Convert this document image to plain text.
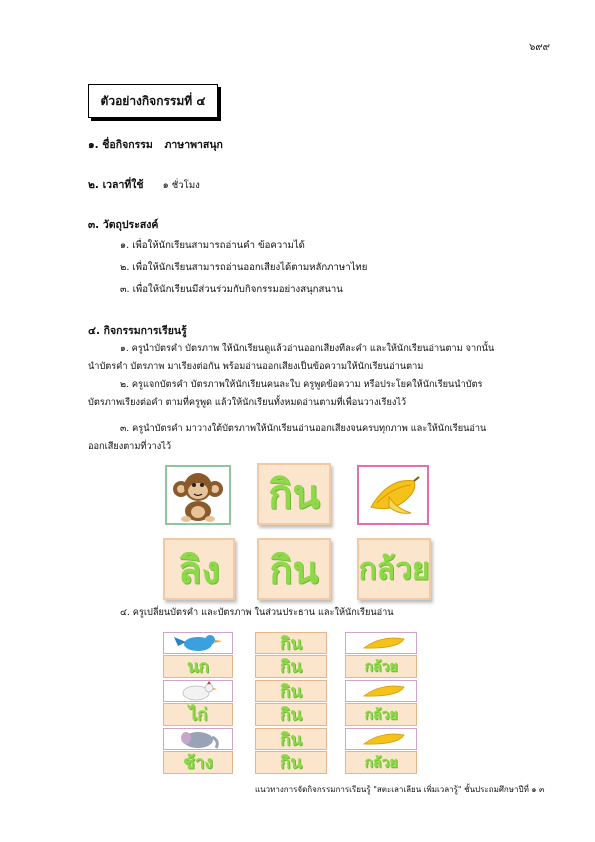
๖๙๙
ตัวอย่างกิจกรรมที่ ๔
๑. ชื่อกิจกรรม ภาษาพาสนุก
๒. เวลาที่ใช้ ๑ ชั่วโมง
๓. วัตถุประสงค์
๑. เพื่อให้นักเรียนสามารถอ่านคำ ข้อความได้
๒. เพื่อให้นักเรียนสามารถอ่านออกเสียงได้ตามหลักภาษาไทย
๓. เพื่อให้นักเรียนมีส่วนร่วมกับกิจกรรมอย่างสนุกสนาน
๔. กิจกรรมการเรียนรู้
๑. ครูนำบัตรคำ บัตรภาพ ให้นักเรียนดูแล้วอ่านออกเสียงทีละคำ และให้นักเรียนอ่านตาม จากนั้น
นำบัตรคำ บัตรภาพ มาเรียงต่อกัน พร้อมอ่านออกเสียงเป็นข้อความให้นักเรียนอ่านตาม
๒. ครูแจกบัตรคำ บัตรภาพให้นักเรียนคนละใบ ครูพูดข้อความ หรือประโยคให้นักเรียนนำบัตร
บัตรภาพเรียงต่อคำ ตามที่ครูพูด แล้วให้นักเรียนทั้งหมดอ่านตามที่เพื่อนวางเรียงไว้
๓. ครูนำบัตรคำ มาวางใต้บัตรภาพให้นักเรียนอ่านออกเสียงจนครบทุกภาพ และให้นักเรียนอ่าน
ออกเสียงตามที่วางไว้
กิน
ลิง กิน กล้วย
๔. ครูเปลี่ยนบัตรคำ และบัตรภาพ ในส่วนประธาน และให้นักเรียนอ่าน
นก
กิน
กิน	กล้วย
ไก่
กิน
กิน	กล้วย
ช้าง
กิน
กิน	กล้วย
แนวทางการจัดกิจกรรมการเรียนรู้ "สตะเลาเลียน เพิ่มเวลารู้" ชั้นประถมศึกษาปีที่ ๑ ๓
